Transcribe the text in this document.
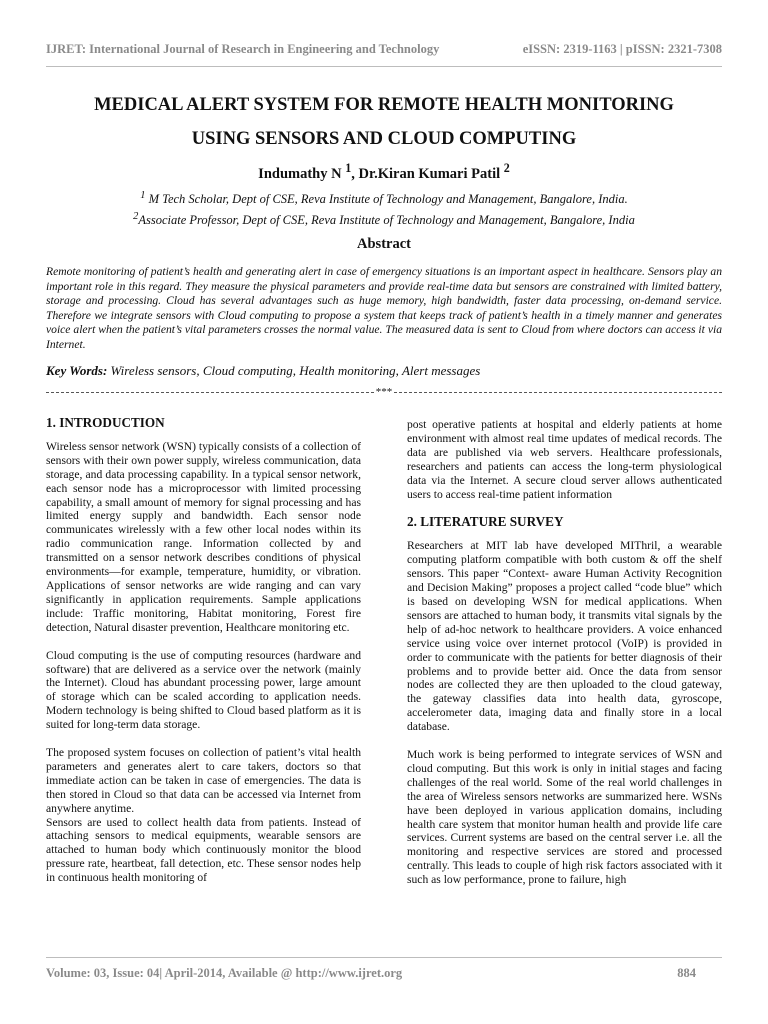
IJRET: International Journal of Research in Engineering and Technology	eISSN: 2319-1163 | pISSN: 2321-7308
MEDICAL ALERT SYSTEM FOR REMOTE HEALTH MONITORING
USING SENSORS AND CLOUD COMPUTING
Indumathy N $^1$, Dr.Kiran Kumari Patil $^2$
$^1$ M Tech Scholar, Dept of CSE, Reva Institute of Technology and Management, Bangalore, India.
$^2$Associate Professor, Dept of CSE, Reva Institute of Technology and Management, Bangalore, India
Abstract
Remote monitoring of patient’s health and generating alert in case of emergency situations is an important aspect in healthcare. Sensors play an important role in this regard. They measure the physical parameters and provide real-time data but sensors are constrained with limited battery, storage and processing. Cloud has several advantages such as huge memory, high bandwidth, faster data processing, on-demand service. Therefore we integrate sensors with Cloud computing to propose a system that keeps track of patient’s health in a timely manner and generates voice alert when the patient’s vital parameters crosses the normal value. The measured data is sent to Cloud from where doctors can access it via Internet.
Key Words: Wireless sensors, Cloud computing, Health monitoring, Alert messages
***
1. INTRODUCTION

Wireless sensor network (WSN) typically consists of a collection of sensors with their own power supply, wireless communication, data storage, and data processing capability. In a typical sensor network, each sensor node has a microprocessor with limited processing capability, a small amount of memory for signal processing and has limited energy supply and bandwidth. Each sensor node communicates wirelessly with a few other local nodes within its radio communication range. Information collected by and transmitted on a sensor network describes conditions of physical environments—for example, temperature, humidity, or vibration. Applications of sensor networks are wide ranging and can vary significantly in application requirements. Sample applications include: Traffic monitoring, Habitat monitoring, Forest fire detection, Natural disaster prevention, Healthcare monitoring etc.

Cloud computing is the use of computing resources (hardware and software) that are delivered as a service over the network (mainly the Internet). Cloud has abundant processing power, large amount of storage which can be scaled according to application needs. Modern technology is being shifted to Cloud based platform as it is suited for long-term data storage.

The proposed system focuses on collection of patient’s vital health parameters and generates alert to care takers, doctors so that immediate action can be taken in case of emergencies. The data is then stored in Cloud so that data can be accessed via Internet from anywhere anytime.

Sensors are used to collect health data from patients. Instead of attaching sensors to medical equipments, wearable sensors are attached to human body which continuously monitor the blood pressure rate, heartbeat, fall detection, etc. These sensor nodes help in continuous health monitoring of

post operative patients at hospital and elderly patients at home environment with almost real time updates of medical records. The data are published via web servers. Healthcare professionals, researchers and patients can access the long-term physiological data via the Internet. A secure cloud server allows authenticated users to access real-time patient information

2. LITERATURE SURVEY

Researchers at MIT lab have developed MIThril, a wearable computing platform compatible with both custom & off the shelf sensors. This paper “Context- aware Human Activity Recognition and Decision Making” proposes a project called “code blue” which is based on developing WSN for medical applications. When sensors are attached to human body, it transmits vital signals by the help of ad-hoc network to healthcare providers. A voice enhanced service using voice over internet protocol (VoIP) is provided in order to communicate with the patients for better diagnosis of their problems and to provide better aid. Once the data from sensor nodes are collected they are then uploaded to the cloud gateway, the gateway classifies data into health data, gyroscope, accelerometer data, imaging data and finally store in a local database.

Much work is being performed to integrate services of WSN and cloud computing. But this work is only in initial stages and facing challenges of the real world. Some of the real world challenges in the area of Wireless sensors networks are summarized here. WSNs have been deployed in various application domains, including health care system that monitor human health and provide life care services. Current systems are based on the central server i.e. all the monitoring and respective services are stored and processed centrally. This leads to couple of high risk factors associated with it such as low performance, prone to failure, high

Volume: 03, Issue: 04| April-2014, Available @ http://www.ijret.org	884
